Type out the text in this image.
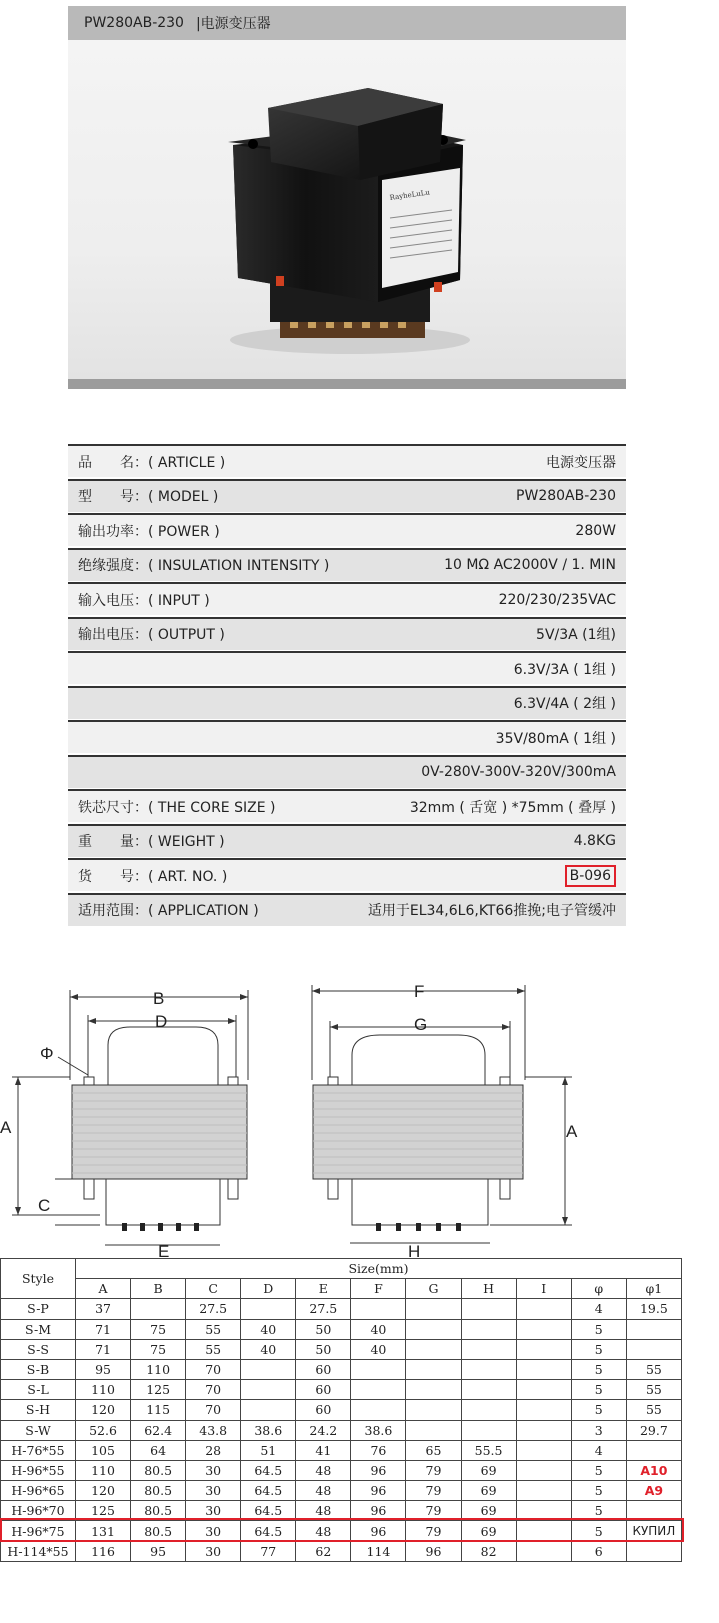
PW280AB-230 |电源变压器
RayheLuLu
品　　名：( ARTICLE )	电源变压器
型　　号：( MODEL )	PW280AB-230
输出功率：( POWER )	280W
绝缘强度：( INSULATION INTENSITY )	10 MΩ AC2000V / 1. MIN
输入电压：( INPUT )	220/230/235VAC
输出电压：( OUTPUT )	5V/3A (1组)
6.3V/3A ( 1组 )
6.3V/4A ( 2组 )
35V/80mA ( 1组 )
0V-280V-300V-320V/300mA
铁芯尺寸：( THE CORE SIZE )	32mm ( 舌宽 ) *75mm ( 叠厚 )
重　　量：( WEIGHT )	4.8KG
货　　号：( ART. NO. )	B-096
适用范围：( APPLICATION )	适用于EL34,6L6,KT66推挽;电子管缓冲
B
D
Φ
A
C
E
F
G
A
H
Style	Size(mm)										
	A	B	C	D	E	F	G	H	I	φ	φ1
S-P	37		27.5		27.5					4	19.5
S-M	71	75	55	40	50	40				5	
S-S	71	75	55	40	50	40				5	
S-B	95	110	70		60					5	55
S-L	110	125	70		60					5	55
S-H	120	115	70		60					5	55
S-W	52.6	62.4	43.8	38.6	24.2	38.6				3	29.7
H-76*55	105	64	28	51	41	76	65	55.5		4	
H-96*55	110	80.5	30	64.5	48	96	79	69		5	A10
H-96*65	120	80.5	30	64.5	48	96	79	69		5	A9
H-96*70	125	80.5	30	64.5	48	96	79	69		5	
H-96*75	131	80.5	30	64.5	48	96	79	69		5	КУПИЛ
H-114*55	116	95	30	77	62	114	96	82		6	
